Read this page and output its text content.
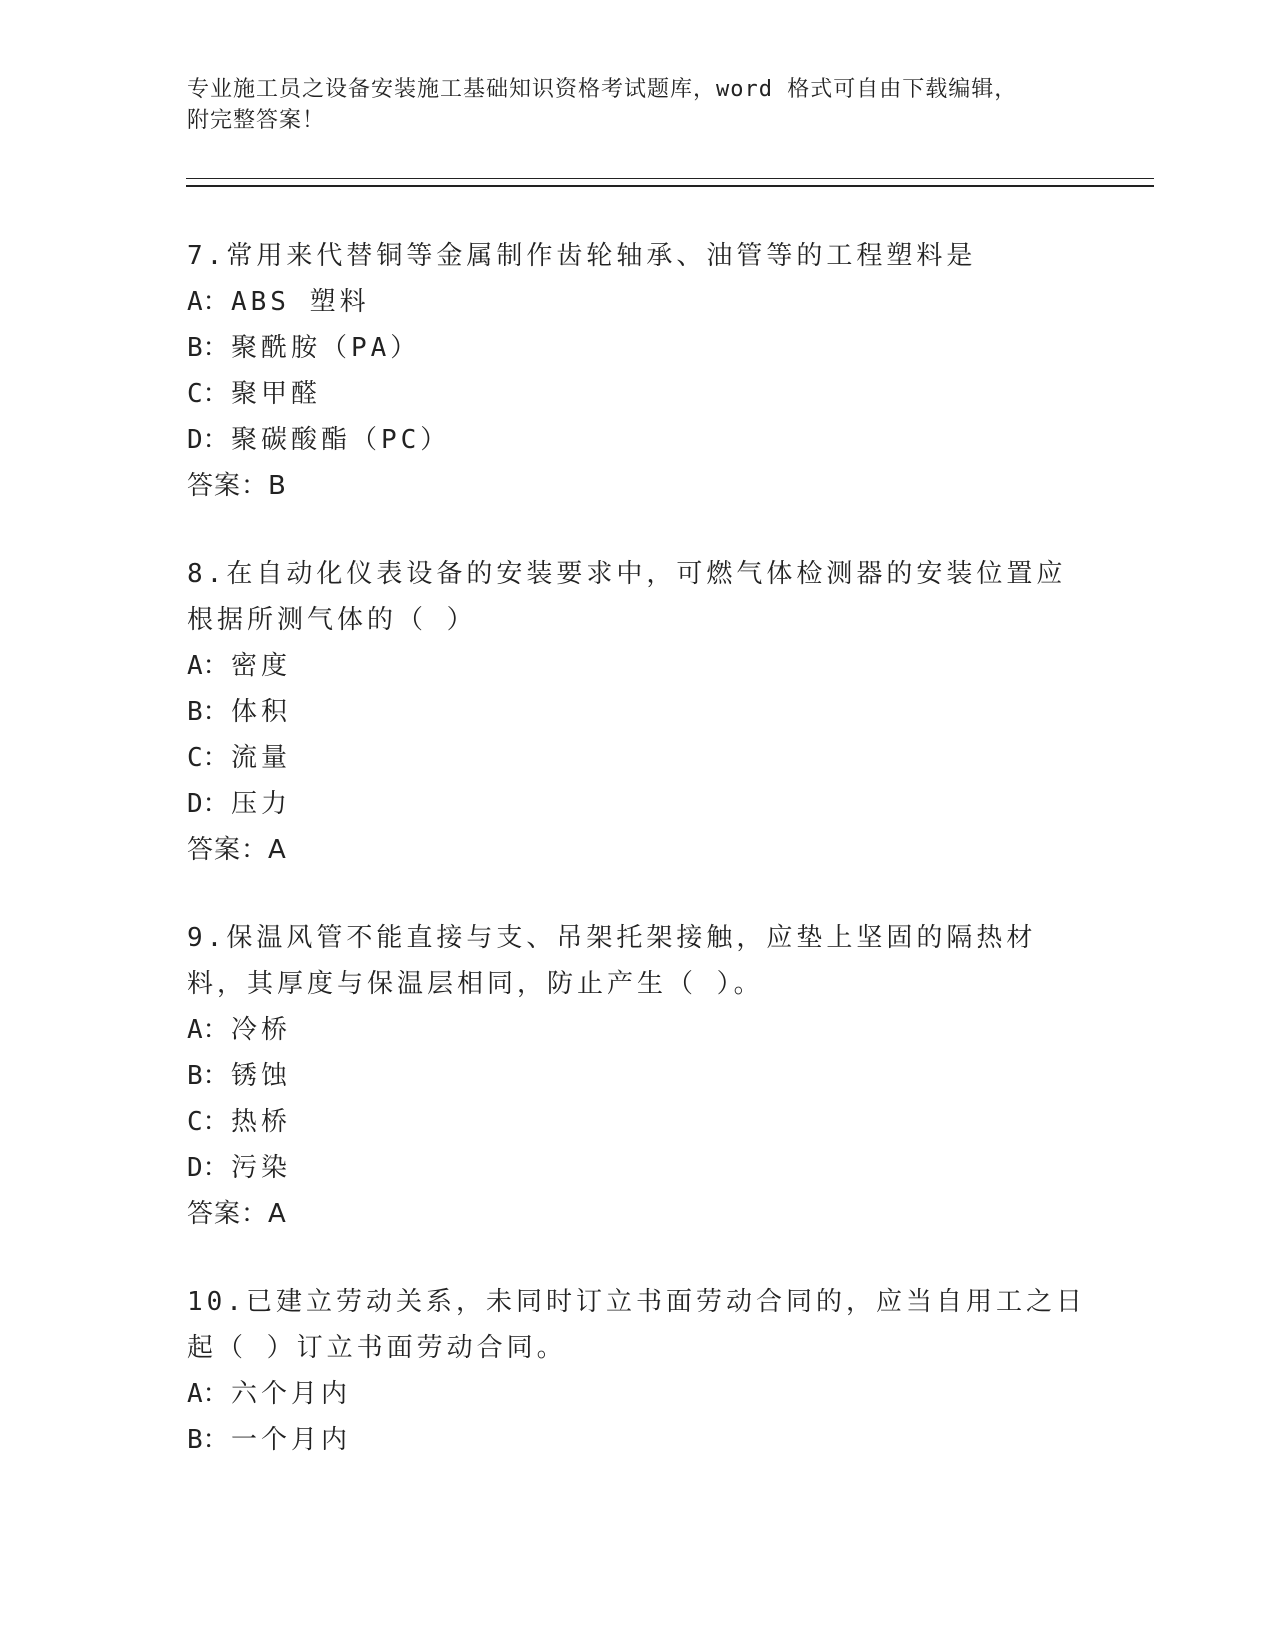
专业施工员之设备安装施工基础知识资格考试题库，word 格式可自由下载编辑，
附完整答案！

7.常用来代替铜等金属制作齿轮轴承、油管等的工程塑料是

A：ABS 塑料

B：聚酰胺（PA）

C：聚甲醛

D：聚碳酸酯（PC）

答案：B

8.在自动化仪表设备的安装要求中，可燃气体检测器的安装位置应根据所测气体的（ ）

A：密度

B：体积

C：流量

D：压力

答案：A

9.保温风管不能直接与支、吊架托架接触，应垫上坚固的隔热材料，其厚度与保温层相同，防止产生（ ）。

A：冷桥

B：锈蚀

C：热桥

D：污染

答案：A

10.已建立劳动关系，未同时订立书面劳动合同的，应当自用工之日起（ ）订立书面劳动合同。

A：六个月内

B：一个月内
